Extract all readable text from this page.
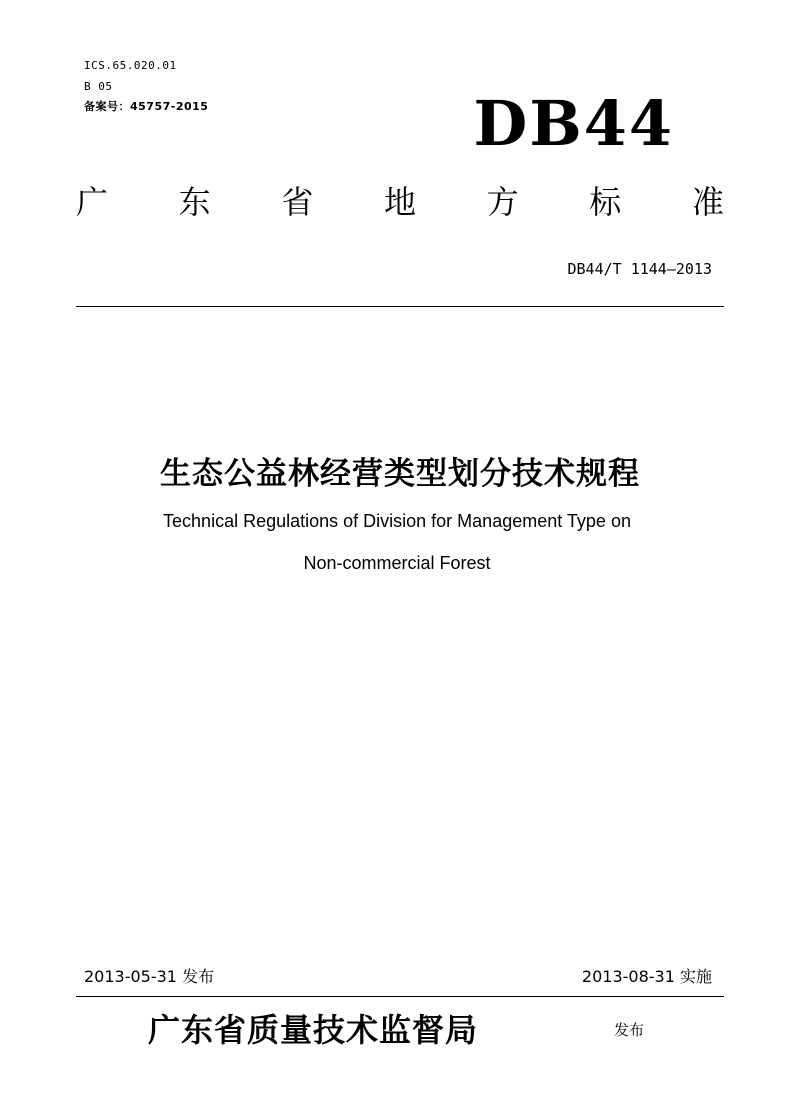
ICS.65.020.01
B 05
备案号：45757-2015	DB44
广 东 省 地 方 标 准
DB44/T 1144—2013
生态公益林经营类型划分技术规程
Technical Regulations of Division for Management Type on
Non-commercial Forest
2013-05-31 发布	2013-08-31 实施
广东省质量技术监督局	发布
